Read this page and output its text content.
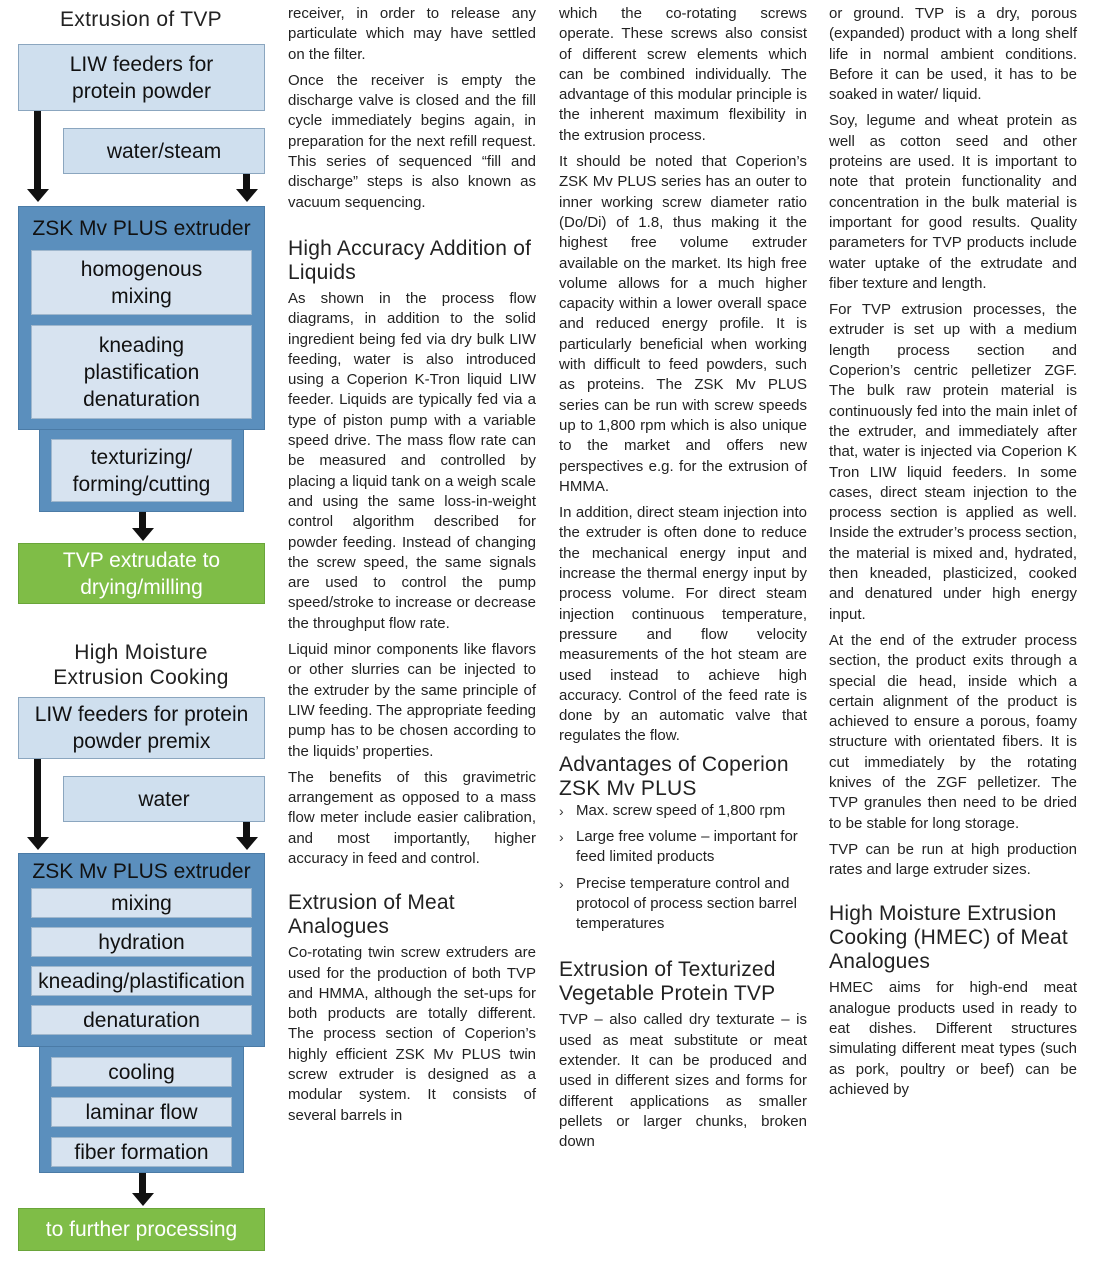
Extrusion of TVP
LIW feeders for protein powder
water/steam
ZSK Mv PLUS extruder
homogenous mixing
kneading plastification denaturation
texturizing/ forming/cutting
TVP extrudate to drying/milling
High Moisture Extrusion Cooking
LIW feeders for protein powder premix
water
ZSK Mv PLUS extruder
mixing
hydration
kneading/plastification
denaturation
cooling
laminar flow
fiber formation
to further processing

receiver, in order to release any particulate which may have settled on the filter.

Once the receiver is empty the discharge valve is closed and the fill cycle immediately begins again, in preparation for the next refill request. This series of sequenced “fill and discharge” steps is also known as vacuum sequencing.

High Accuracy Addition of Liquids

As shown in the process flow diagrams, in addition to the solid ingredient being fed via dry bulk LIW feeding, water is also introduced using a Coperion K-Tron liquid LIW feeder. Liquids are typically fed via a type of piston pump with a variable speed drive. The mass flow rate can be measured and controlled by placing a liquid tank on a weigh scale and using the same loss-in-weight control algorithm described for powder feeding. Instead of changing the screw speed, the same signals are used to control the pump speed/stroke to increase or decrease the throughput flow rate.

Liquid minor components like flavors or other slurries can be injected to the extruder by the same principle of LIW feeding. The appropriate feeding pump has to be chosen according to the liquids’ properties.

The benefits of this gravimetric arrangement as opposed to a mass flow meter include easier calibration, and most importantly, higher accuracy in feed and control.

Extrusion of Meat Analogues

Co-rotating twin screw extruders are used for the production of both TVP and HMMA, although the set-ups for both products are totally different. The process section of Coperion’s highly efficient ZSK Mv PLUS twin screw extruder is designed as a modular system. It consists of several barrels in

which the co-rotating screws operate. These screws also consist of different screw elements which can be combined individually. The advantage of this modular principle is the inherent maximum flexibility in the extrusion process.

It should be noted that Coperion’s ZSK Mv PLUS series has an outer to inner working screw diameter ratio (Do/Di) of 1.8, thus making it the highest free volume extruder available on the market. Its high free volume allows for a much higher capacity within a lower overall space and reduced energy profile. It is particularly beneficial when working with difficult to feed powders, such as proteins. The ZSK Mv PLUS series can be run with screw speeds up to 1,800 rpm which is also unique to the market and offers new perspectives e.g. for the extrusion of HMMA.

In addition, direct steam injection into the extruder is often done to reduce the mechanical energy input and increase the thermal energy input by process volume. For direct steam injection continuous temperature, pressure and flow velocity measurements of the hot steam are used instead to achieve high accuracy. Control of the feed rate is done by an automatic valve that regulates the flow.

Advantages of Coperion ZSK Mv PLUS
› Max. screw speed of 1,800 rpm
› Large free volume – important for feed limited products
› Precise temperature control and protocol of process section barrel temperatures
Extrusion of Texturized Vegetable Protein TVP

TVP – also called dry texturate – is used as meat substitute or meat extender. It can be produced and used in different sizes and forms for different applications as smaller pellets or larger chunks, broken down

or ground. TVP is a dry, porous (expanded) product with a long shelf life in normal ambient conditions. Before it can be used, it has to be soaked in water/ liquid.

Soy, legume and wheat protein as well as cotton seed and other proteins are used. It is important to note that protein functionality and concentration in the bulk material is important for good results. Quality parameters for TVP products include water uptake of the extrudate and fiber texture and length.

For TVP extrusion processes, the extruder is set up with a medium length process section and Coperion’s centric pelletizer ZGF. The bulk raw protein material is continuously fed into the main inlet of the extruder, and immediately after that, water is injected via Coperion K Tron LIW liquid feeders. In some cases, direct steam injection to the process section is applied as well. Inside the extruder’s process section, the material is mixed and, hydrated, then kneaded, plasticized, cooked and denatured under high energy input.

At the end of the extruder process section, the product exits through a special die head, inside which a certain alignment of the product is achieved to ensure a porous, foamy structure with orientated fibers. It is cut immediately by the rotating knives of the ZGF pelletizer. The TVP granules then need to be dried to be stable for long storage.

TVP can be run at high production rates and large extruder sizes.

High Moisture Extrusion Cooking (HMEC) of Meat Analogues

HMEC aims for high-end meat analogue products used in ready to eat dishes. Different structures simulating different meat types (such as pork, poultry or beef) can be achieved by
